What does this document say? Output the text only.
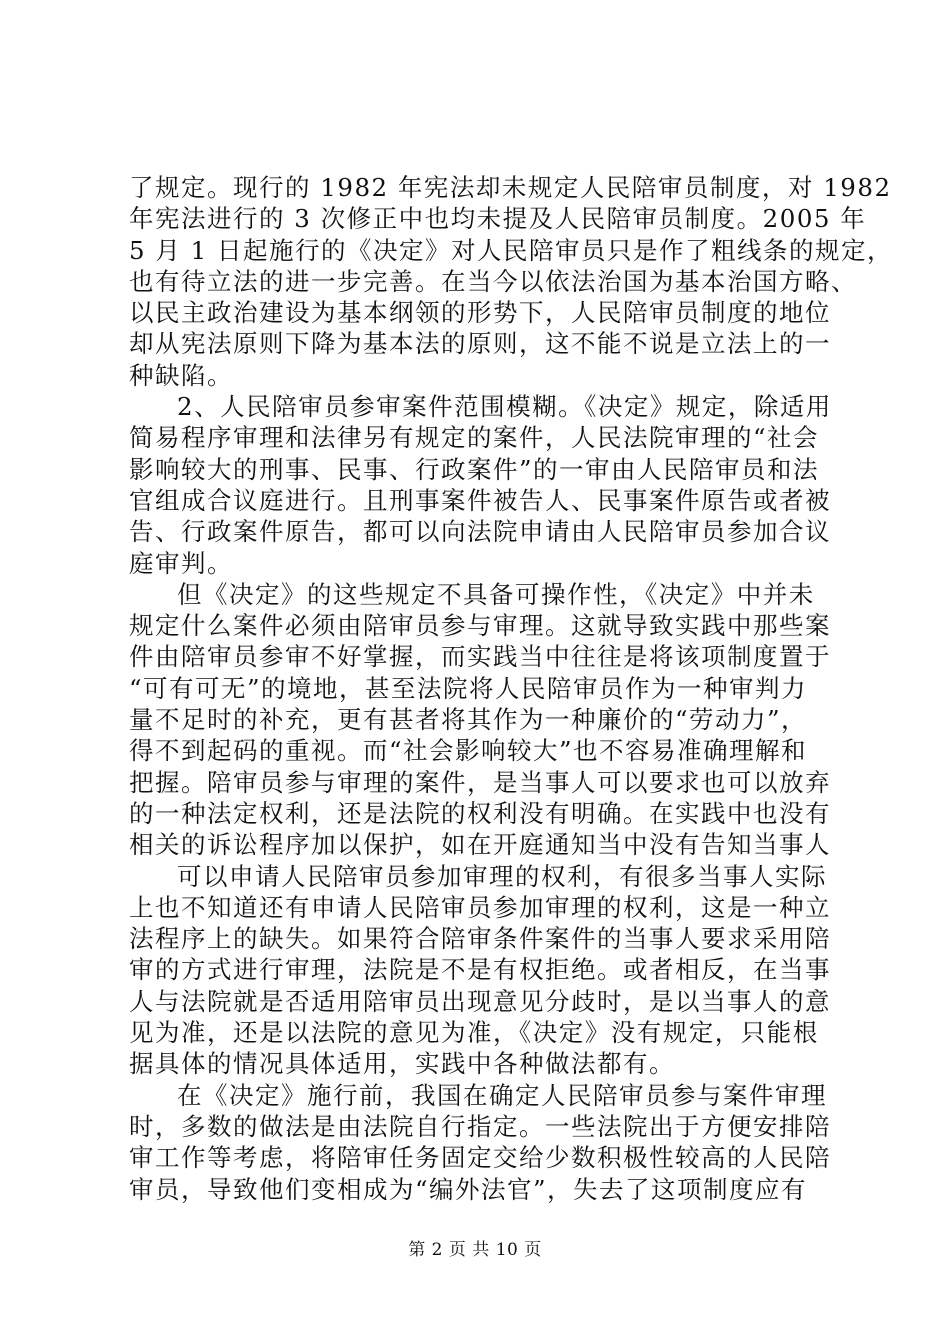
了规定。现行的 1982 年宪法却未规定人民陪审员制度，对 1982
年宪法进行的 3 次修正中也均未提及人民陪审员制度。2005 年
5 月 1 日起施行的《决定》对人民陪审员只是作了粗线条的规定，
也有待立法的进一步完善。在当今以依法治国为基本治国方略、
以民主政治建设为基本纲领的形势下，人民陪审员制度的地位
却从宪法原则下降为基本法的原则，这不能不说是立法上的一
种缺陷。
2、人民陪审员参审案件范围模糊。《决定》规定，除适用
简易程序审理和法律另有规定的案件，人民法院审理的“社会
影响较大的刑事、民事、行政案件”的一审由人民陪审员和法
官组成合议庭进行。且刑事案件被告人、民事案件原告或者被
告、行政案件原告，都可以向法院申请由人民陪审员参加合议
庭审判。
但《决定》的这些规定不具备可操作性，《决定》中并未
规定什么案件必须由陪审员参与审理。这就导致实践中那些案
件由陪审员参审不好掌握，而实践当中往往是将该项制度置于
“可有可无”的境地，甚至法院将人民陪审员作为一种审判力
量不足时的补充，更有甚者将其作为一种廉价的“劳动力”，
得不到起码的重视。而“社会影响较大”也不容易准确理解和
把握。陪审员参与审理的案件，是当事人可以要求也可以放弃
的一种法定权利，还是法院的权利没有明确。在实践中也没有
相关的诉讼程序加以保护，如在开庭通知当中没有告知当事人
可以申请人民陪审员参加审理的权利，有很多当事人实际
上也不知道还有申请人民陪审员参加审理的权利，这是一种立
法程序上的缺失。如果符合陪审条件案件的当事人要求采用陪
审的方式进行审理，法院是不是有权拒绝。或者相反，在当事
人与法院就是否适用陪审员出现意见分歧时，是以当事人的意
见为准，还是以法院的意见为准，《决定》没有规定，只能根
据具体的情况具体适用，实践中各种做法都有。
在《决定》施行前，我国在确定人民陪审员参与案件审理
时，多数的做法是由法院自行指定。一些法院出于方便安排陪
审工作等考虑，将陪审任务固定交给少数积极性较高的人民陪
审员，导致他们变相成为“编外法官”，失去了这项制度应有
第 2 页 共 10 页
